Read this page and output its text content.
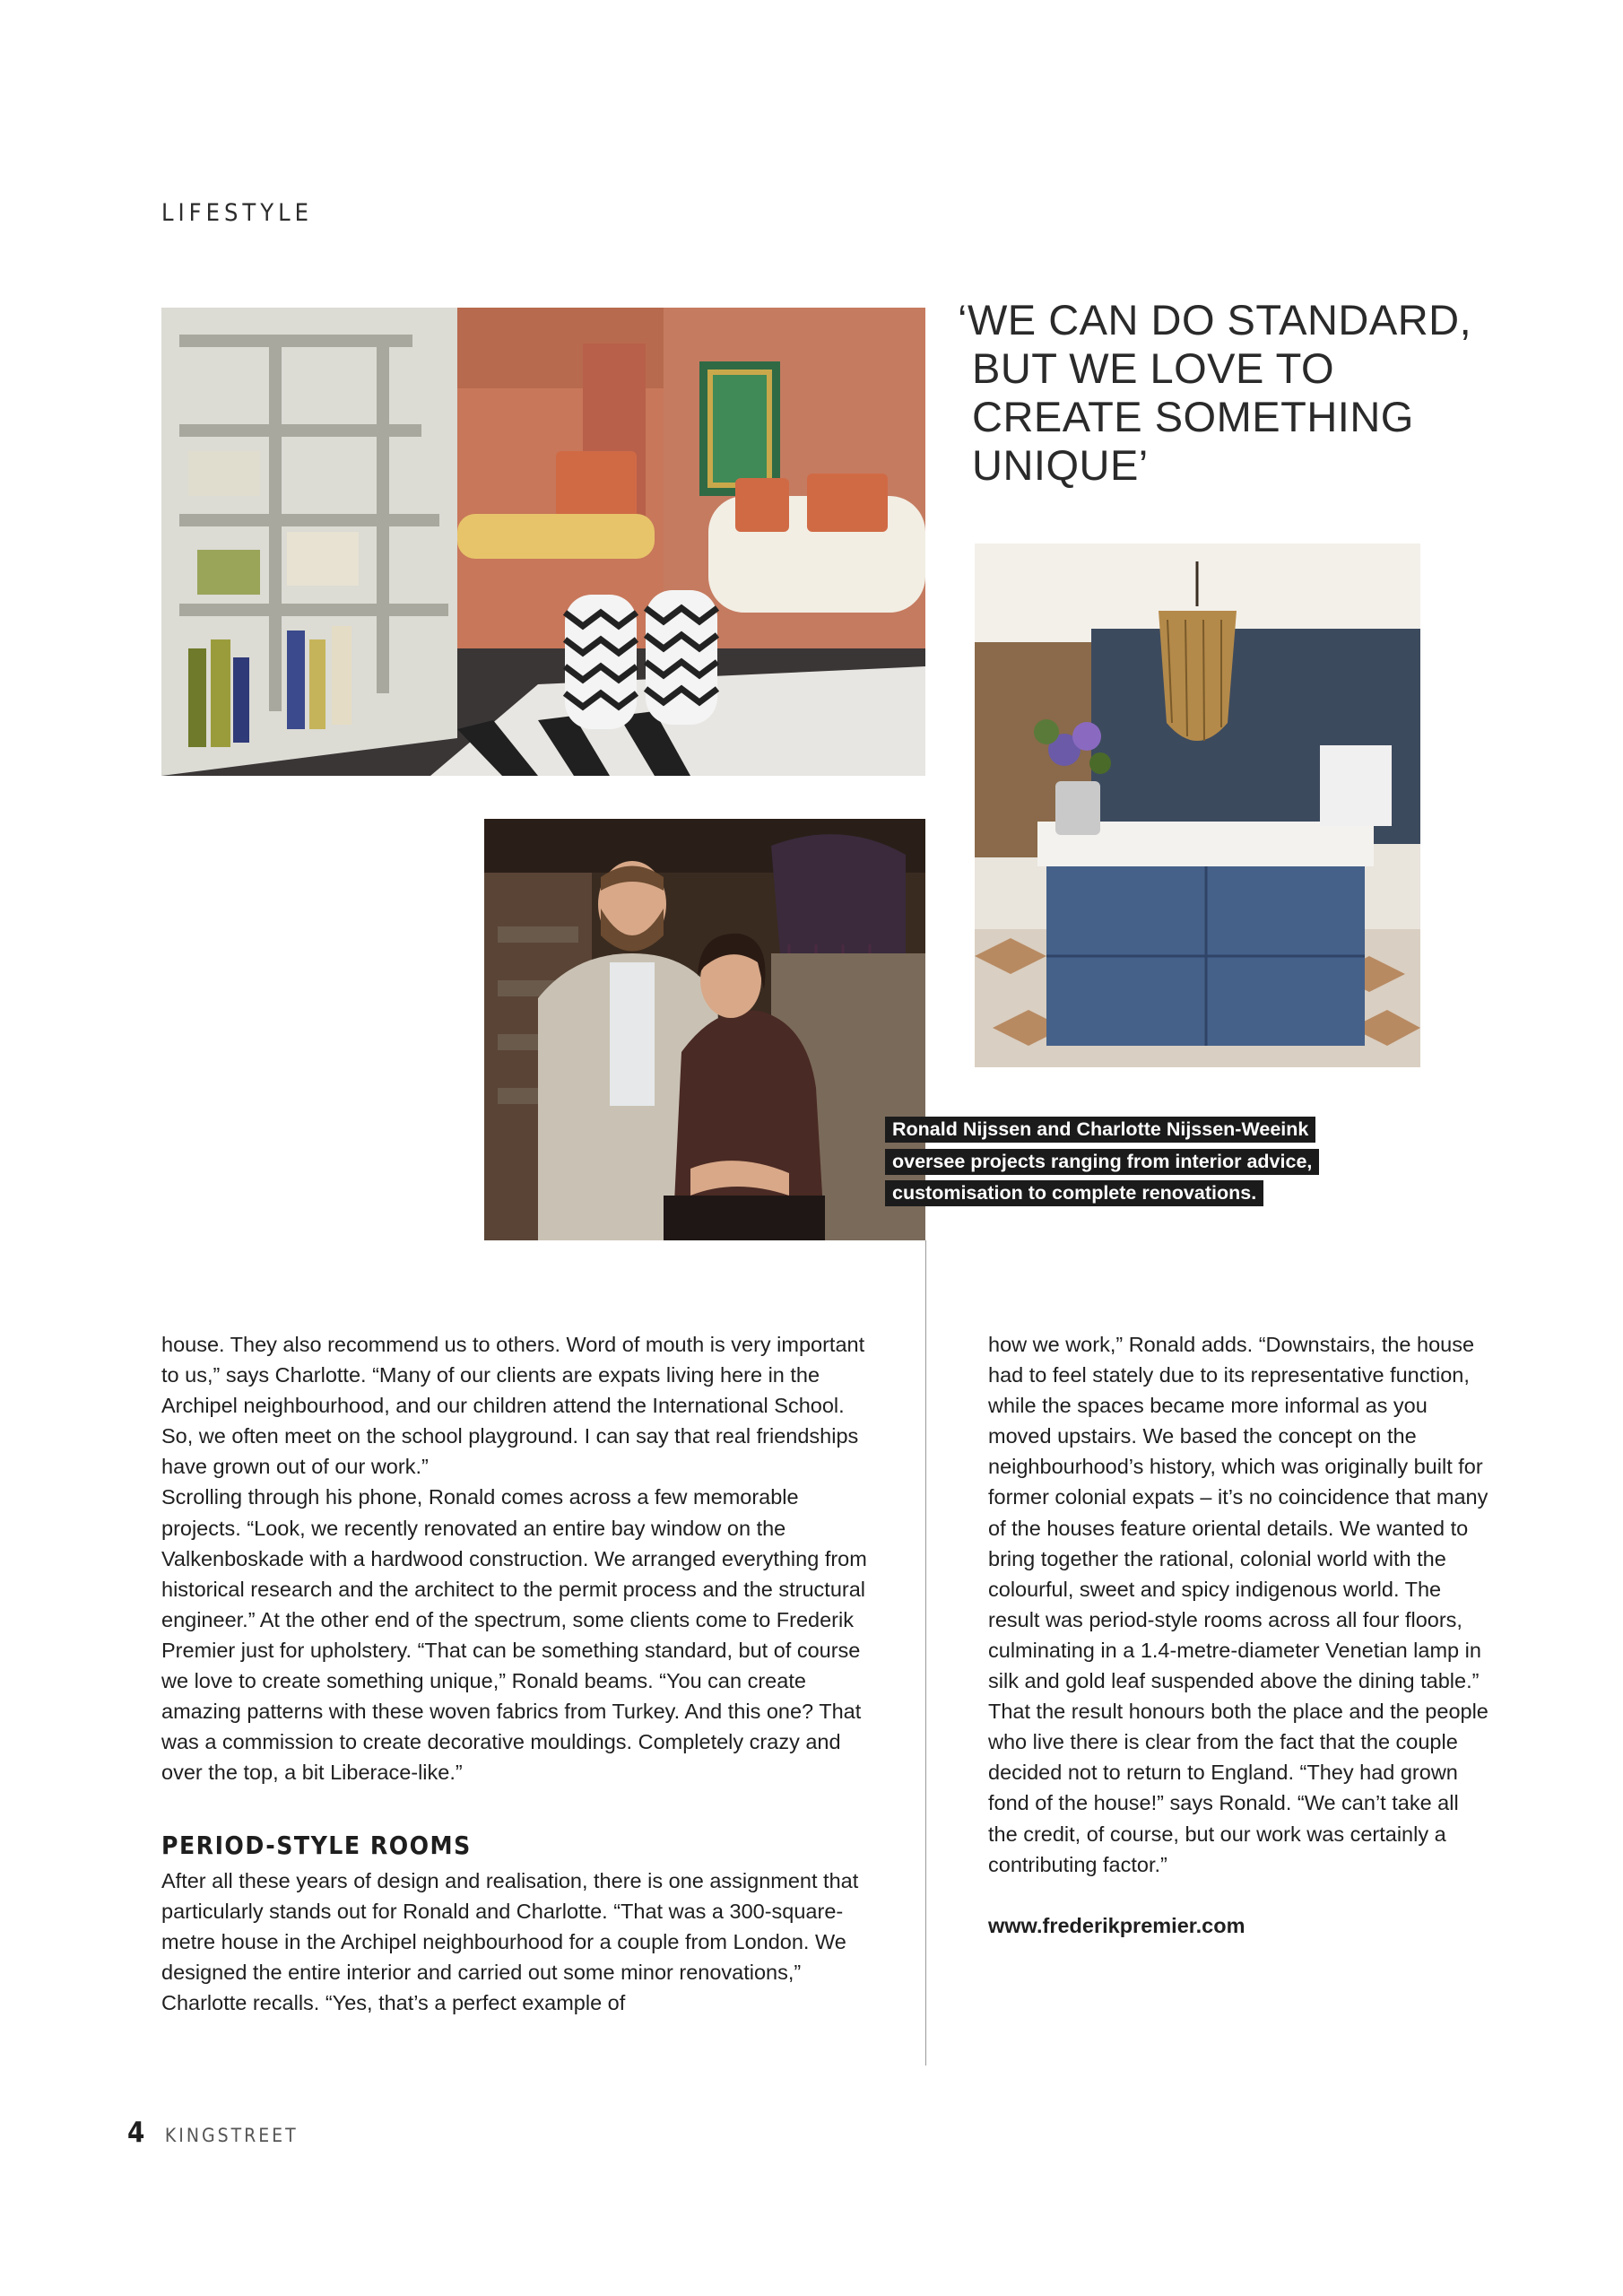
LIFESTYLE
‘WE CAN DO STANDARD,
BUT WE LOVE TO
CREATE SOMETHING
UNIQUE’
Ronald Nijssen and Charlotte Nijssen-Weeink
oversee projects ranging from interior advice,
customisation to complete renovations.

house. They also recommend us to others. Word of mouth is very important to us,” says Charlotte. “Many of our clients are expats living here in the Archipel neighbourhood, and our children attend the International School. So, we often meet on the school playground. I can say that real friendships have grown out of our work.”

Scrolling through his phone, Ronald comes across a few memorable projects. “Look, we recently renovated an entire bay window on the Valkenboskade with a hardwood construction. We arranged everything from historical research and the architect to the permit process and the structural engineer.” At the other end of the spectrum, some clients come to Frederik Premier just for upholstery. “That can be something standard, but of course we love to create something unique,” Ronald beams. “You can create amazing patterns with these woven fabrics from Turkey. And this one? That was a commission to create decorative mouldings. Completely crazy and over the top, a bit Liberace-like.”

PERIOD-STYLE ROOMS

After all these years of design and realisation, there is one assignment that particularly stands out for Ronald and Charlotte. “That was a 300-square-metre house in the Archipel neighbourhood for a couple from London. We designed the entire interior and carried out some minor renovations,” Charlotte recalls. “Yes, that’s a perfect example of

how we work,” Ronald adds. “Downstairs, the house had to feel stately due to its representative function, while the spaces became more informal as you moved upstairs. We based the concept on the neighbourhood’s history, which was originally built for former colonial expats – it’s no coincidence that many of the houses feature oriental details. We wanted to bring together the rational, colonial world with the colourful, sweet and spicy indigenous world. The result was period-style rooms across all four floors, culminating in a 1.4-metre-diameter Venetian lamp in silk and gold leaf suspended above the dining table.”

That the result honours both the place and the people who live there is clear from the fact that the couple decided not to return to England. “They had grown fond of the house!” says Ronald. “We can’t take all the credit, of course, but our work was certainly a contributing factor.”

www.frederikpremier.com

4 KINGSTREET
